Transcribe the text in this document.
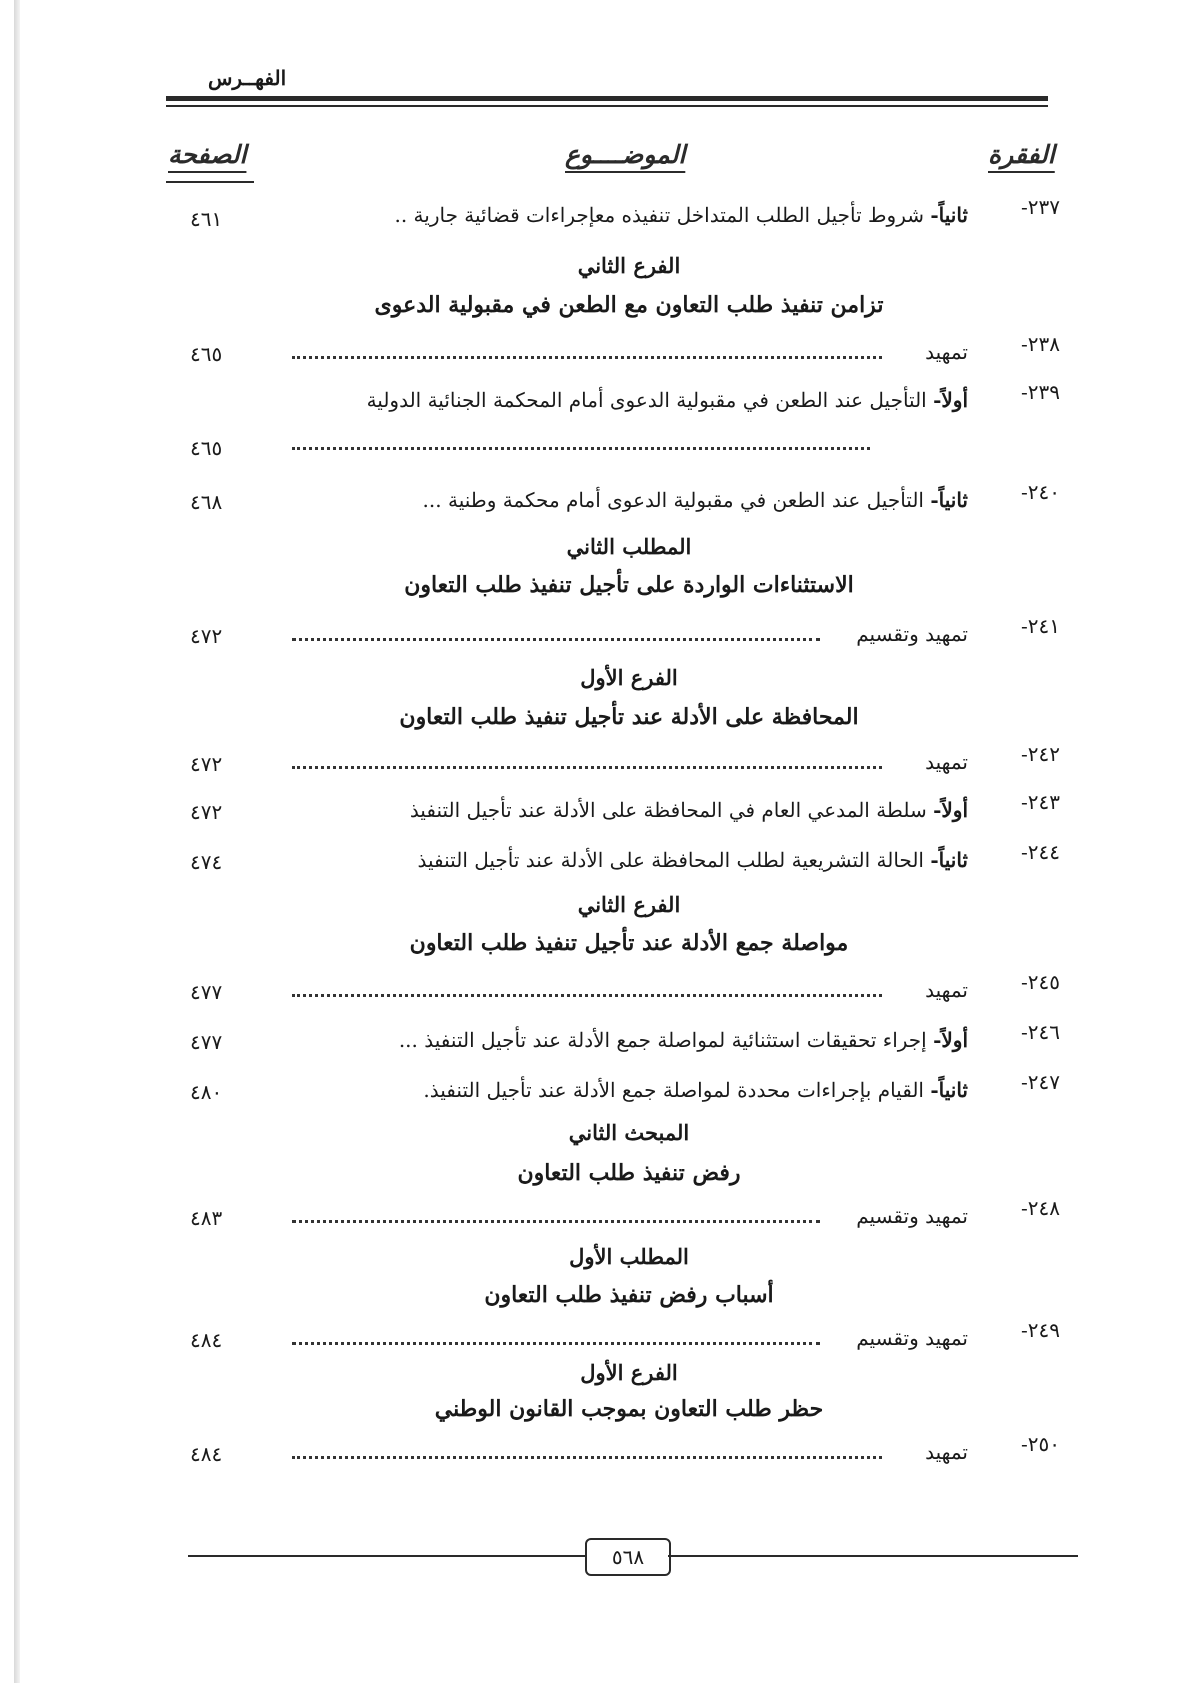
الفهــرس
الفقرة
الموضــــوع
الصفحة
٢٣٧-
ثانياً- شروط تأجيل الطلب المتداخل تنفيذه معإجراءات قضائية جارية ..
٤٦١
الفرع الثاني
تزامن تنفيذ طلب التعاون مع الطعن في مقبولية الدعوى
٢٣٨-
تمهيد
٤٦٥
٢٣٩-
أولاً- التأجيل عند الطعن في مقبولية الدعوى أمام المحكمة الجنائية الدولية
٤٦٥
٢٤٠-
ثانياً- التأجيل عند الطعن في مقبولية الدعوى أمام محكمة وطنية ...
٤٦٨
المطلب الثاني
الاستثناءات الواردة على تأجيل تنفيذ طلب التعاون
٢٤١-
تمهيد وتقسيم
٤٧٢
الفرع الأول
المحافظة على الأدلة عند تأجيل تنفيذ طلب التعاون
٢٤٢-
تمهيد
٤٧٢
٢٤٣-
أولاً- سلطة المدعي العام في المحافظة على الأدلة عند تأجيل التنفيذ
٤٧٢
٢٤٤-
ثانياً- الحالة التشريعية لطلب المحافظة على الأدلة عند تأجيل التنفيذ
٤٧٤
الفرع الثاني
مواصلة جمع الأدلة عند تأجيل تنفيذ طلب التعاون
٢٤٥-
تمهيد
٤٧٧
٢٤٦-
أولاً- إجراء تحقيقات استثنائية لمواصلة جمع الأدلة عند تأجيل التنفيذ ...
٤٧٧
٢٤٧-
ثانياً- القيام بإجراءات محددة لمواصلة جمع الأدلة عند تأجيل التنفيذ.
٤٨٠
المبحث الثاني
رفض تنفيذ طلب التعاون
٢٤٨-
تمهيد وتقسيم
٤٨٣
المطلب الأول
أسباب رفض تنفيذ طلب التعاون
٢٤٩-
تمهيد وتقسيم
٤٨٤
الفرع الأول
حظر طلب التعاون بموجب القانون الوطني
٢٥٠-
تمهيد
٤٨٤
٥٦٨
